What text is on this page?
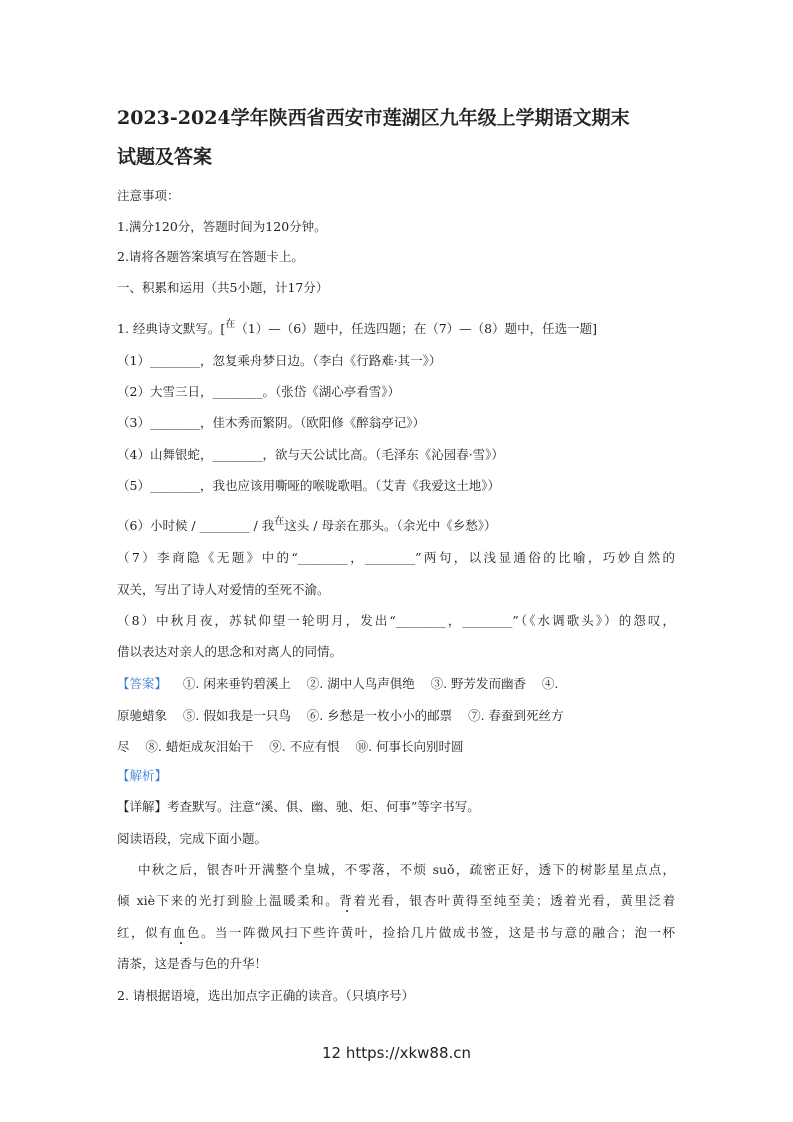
2023-2024学年陕西省西安市莲湖区九年级上学期语文期末
试题及答案
注意事项：
1.满分120分，答题时间为120分钟。
2.请将各题答案填写在答题卡上。
一、积累和运用（共5小题，计17分）
1. 经典诗文默写。[$^在$（1）—（6）题中，任选四题；在（7）—（8）题中，任选一题]
（1）________，忽复乘舟梦日边。（李白《行路难·其一》）
（2）大雪三日，________。（张岱《湖心亭看雪》）
（3）________，佳木秀而繁阴。（欧阳修《醉翁亭记》）
（4）山舞银蛇，________，欲与天公试比高。（毛泽东《沁园春·雪》）
（5）________，我也应该用嘶哑的喉咙歌唱。（艾青《我爱这土地》）
（6）小时候 / ________ / 我$^在$这头 / 母亲在那头。（余光中《乡愁》）
（7）李商隐《无题》中的“________，________”两句，以浅显通俗的比喻，巧妙自然的
双关，写出了诗人对爱情的至死不渝。
（8）中秋月夜，苏轼仰望一轮明月，发出“________，________”（《水调歌头》）的怨叹，
借以表达对亲人的思念和对离人的同情。
【答案】    ①. 闲来垂钓碧溪上    ②. 湖中人鸟声俱绝    ③. 野芳发而幽香    ④.
原驰蜡象    ⑤. 假如我是一只鸟    ⑥. 乡愁是一枚小小的邮票    ⑦. 春蚕到死丝方
尽    ⑧. 蜡炬成灰泪始干    ⑨. 不应有恨    ⑩. 何事长向别时圆
【解析】
【详解】考查默写。注意“溪、俱、幽、驰、炬、何事”等字书写。
阅读语段，完成下面小题。
中秋之后，银杏叶开满整个皇城，不零落，不烦 suǒ，疏密正好，透下的树影星星点点，
倾 xiè下来的光打到脸上温暖柔和。背着光看，银杏叶黄得至纯至美；透着光看，黄里泛着
红，似有血色。当一阵微风扫下些许黄叶，捡拾几片做成书签，这是书与意的融合；泡一杯
清茶，这是香与色的升华！
2. 请根据语境，选出加点字正确的读音。（只填序号）
12 https://xkw88.cn
